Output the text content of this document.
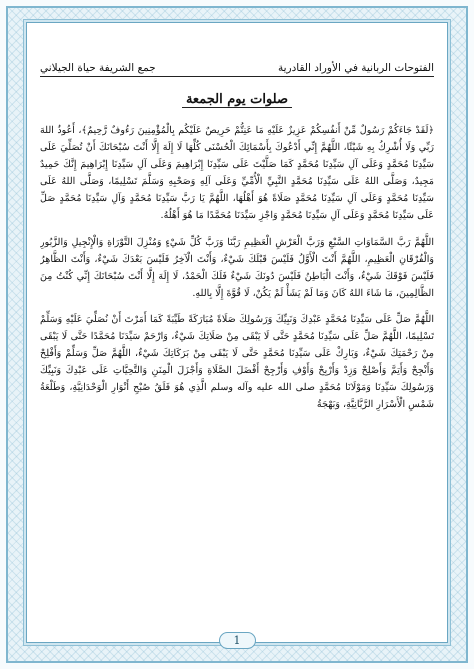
الفتوحات الربانية في الأوراد القادرية
جمع الشريفة حياة الجيلاني
صلوات يوم الجمعة

﴿لَقَدْ جَاءَكُمْ رَسُولٌ مِّنْ أَنفُسِكُمْ عَزِيزٌ عَلَيْهِ مَا عَنِتُّمْ حَرِيصٌ عَلَيْكُم بِالْمُؤْمِنِينَ رَءُوفٌ رَّحِيمٌ﴾، أَعُوذُ اللهَ رَبِّي وَلَا أُشْرِكُ بِهِ شَيْئًا، اللَّهُمَّ إِنِّي أَدْعُوكَ بِأَسْمَائِكَ الْحُسْنَى كُلِّهَا لَا إِلَهَ إِلَّا أَنْتَ سُبْحَانَكَ أَنْ تُصَلِّيَ عَلَى سَيِّدِنَا مُحَمَّدٍ وَعَلَى آلِ سَيِّدِنَا مُحَمَّدٍ كَمَا صَلَّيْتَ عَلَى سَيِّدِنَا إِبْرَاهِيمَ وَعَلَى آلِ سَيِّدِنَا إِبْرَاهِيمَ إِنَّكَ حَمِيدٌ مَجِيدٌ، وَصَلَّى اللهُ عَلَى سَيِّدِنَا مُحَمَّدٍ النَّبِيِّ الْأُمِّيِّ وَعَلَى آلِهِ وَصَحْبِهِ وَسَلَّمَ تَسْلِيمًا، وَصَلَّى اللهُ عَلَى سَيِّدِنَا مُحَمَّدٍ وَعَلَى آلِ سَيِّدِنَا مُحَمَّدٍ صَلَاةً هُوَ أَهْلُهَا، اللَّهُمَّ يَا رَبَّ سَيِّدِنَا مُحَمَّدٍ وَآلِ سَيِّدِنَا مُحَمَّدٍ صَلِّ عَلَى سَيِّدِنَا مُحَمَّدٍ وَعَلَى آلِ سَيِّدِنَا مُحَمَّدٍ وَاجْزِ سَيِّدَنَا مُحَمَّدًا مَا هُوَ أَهْلُهُ.

اللَّهُمَّ رَبَّ السَّمَاوَاتِ السَّبْعِ وَرَبَّ الْعَرْشِ الْعَظِيمِ رَبَّنَا وَرَبَّ كُلِّ شَيْءٍ وَمُنْزِلَ التَّوْرَاةِ وَالْإِنْجِيلِ وَالزَّبُورِ وَالْفُرْقَانِ الْعَظِيمِ، اللَّهُمَّ أَنْتَ الْأَوَّلُ فَلَيْسَ قَبْلَكَ شَيْءٌ، وَأَنْتَ الْآخِرُ فَلَيْسَ بَعْدَكَ شَيْءٌ، وَأَنْتَ الظَّاهِرُ فَلَيْسَ فَوْقَكَ شَيْءٌ، وَأَنْتَ الْبَاطِنُ فَلَيْسَ دُونَكَ شَيْءٌ فَلَكَ الْحَمْدُ، لَا إِلَهَ إِلَّا أَنْتَ سُبْحَانَكَ إِنِّي كُنْتُ مِنَ الظَّالِمِينَ، مَا شَاءَ اللهُ كَانَ وَمَا لَمْ يَشَأْ لَمْ يَكُنْ، لَا قُوَّةَ إِلَّا بِاللهِ.

اللَّهُمَّ صَلِّ عَلَى سَيِّدِنَا مُحَمَّدٍ عَبْدِكَ وَنَبِيِّكَ وَرَسُولِكَ صَلَاةً مُبَارَكَةً طَيِّبَةً كَمَا أَمَرْتَ أَنْ نُصَلِّيَ عَلَيْهِ وَسَلِّمْ تَسْلِيمًا، اللَّهُمَّ صَلِّ عَلَى سَيِّدِنَا مُحَمَّدٍ حَتَّى لَا يَبْقَى مِنْ صَلَاتِكَ شَيْءٌ، وَارْحَمْ سَيِّدَنَا مُحَمَّدًا حَتَّى لَا يَبْقَى مِنْ رَحْمَتِكَ شَيْءٌ، وَبَارِكْ عَلَى سَيِّدِنَا مُحَمَّدٍ حَتَّى لَا يَبْقَى مِنْ بَرَكَاتِكَ شَيْءٌ، اللَّهُمَّ صَلِّ وَسَلِّمْ وَأَفْلِحْ وَأَنْجِحْ وَأَتِمَّ وَأَصْلِحْ وَزِدْ وَأَرْبِحْ وَأَوْفِ وَأَرْجِحْ أَفْضَلَ الصَّلَاةِ وَأَجْزَلَ الْمِنَنِ وَالتَّحِيَّاتِ عَلَى عَبْدِكَ وَنَبِيِّكَ وَرَسُولِكَ سَيِّدِنَا وَمَوْلَانَا مُحَمَّدٍ صلى الله عليه وآله وسلم الَّذِي هُوَ فَلَقُ صُبْحِ أَنْوَارِ الْوَحْدَانِيَّةِ، وَطَلْعَةُ شَمْسِ الْأَسْرَارِ الرَّبَّانِيَّةِ، وَبَهْجَةُ

1
